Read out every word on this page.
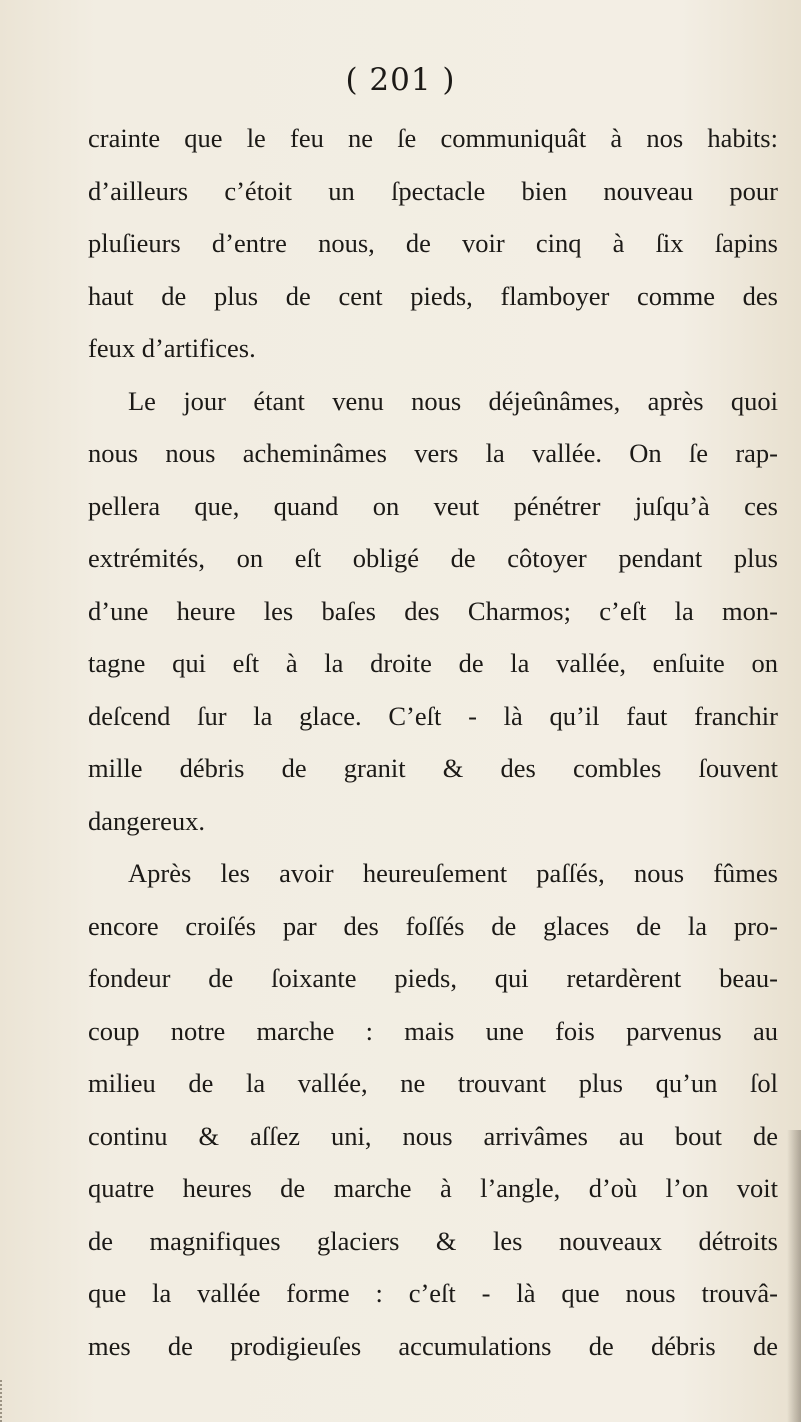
( 201 )
crainte que le feu ne ſe communiquât à nos habits:
d’ailleurs c’étoit un ſpectacle bien nouveau pour
pluſieurs d’entre nous, de voir cinq à ſix ſapins
haut de plus de cent pieds, flamboyer comme des
feux d’artifices.
Le jour étant venu nous déjeûnâmes, après quoi
nous nous acheminâmes vers la vallée. On ſe rap-
pellera que, quand on veut pénétrer juſqu’à ces
extrémités, on eſt obligé de côtoyer pendant plus
d’une heure les baſes des Charmos; c’eſt la mon-
tagne qui eſt à la droite de la vallée, enſuite on
deſcend ſur la glace. C’eſt - là qu’il faut franchir
mille débris de granit & des combles ſouvent
dangereux.
Après les avoir heureuſement paſſés, nous fûmes
encore croiſés par des foſſés de glaces de la pro-
fondeur de ſoixante pieds, qui retardèrent beau-
coup notre marche : mais une fois parvenus au
milieu de la vallée, ne trouvant plus qu’un ſol
continu & aſſez uni, nous arrivâmes au bout de
quatre heures de marche à l’angle, d’où l’on voit
de magnifiques glaciers & les nouveaux détroits
que la vallée forme : c’eſt - là que nous trouvâ-
mes de prodigieuſes accumulations de débris de
